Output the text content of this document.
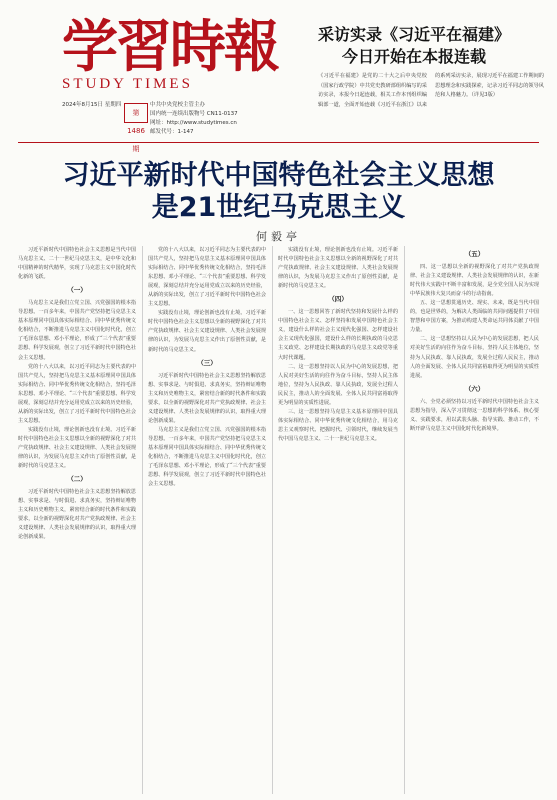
学習時報
STUDY TIMES
采访实录《习近平在福建》
今日开始在本报连载
2024年8月15日 星期四
第1486期
中共中央党校主管主办
国内统一连续出版物号 CN11-0137
网址：http://www.studytimes.cn
邮发代号：1-147
《习近平在福建》是党的二十大之后中央党校（国家行政学院）中共党史教研部组织编写的采访实录，本报今日起连载，相关工作本刊组织编辑部一道，全面开始连载《习近平在浙江》以来的系列采访实录，展现习近平在福建工作期间的思想理念和实践探索，记录习近平同志的领导风范和人格魅力。（详见3版）
习近平新时代中国特色社会主义思想
是21世纪马克思主义
何毅亭

习近平新时代中国特色社会主义思想是当代中国马克思主义、二十一世纪马克思主义，是中华文化和中国精神的时代精华，实现了马克思主义中国化时代化新的飞跃。

（一）

马克思主义是我们立党立国、兴党强国的根本指导思想。一百多年来，中国共产党坚持把马克思主义基本原理同中国具体实际相结合、同中华优秀传统文化相结合，不断推进马克思主义中国化时代化，创立了毛泽东思想、邓小平理论，形成了“三个代表”重要思想、科学发展观，创立了习近平新时代中国特色社会主义思想。

党的十八大以来，以习近平同志为主要代表的中国共产党人，坚持把马克思主义基本原理同中国具体实际相结合、同中华优秀传统文化相结合，坚持毛泽东思想、邓小平理论、“三个代表”重要思想、科学发展观，深刻总结并充分运用党成立以来的历史经验，从新的实际出发，创立了习近平新时代中国特色社会主义思想。

实践没有止境，理论创新也没有止境。习近平新时代中国特色社会主义思想以全新的视野深化了对共产党执政规律、社会主义建设规律、人类社会发展规律的认识，为发展马克思主义作出了原创性贡献，是新时代的马克思主义。

（二）

习近平新时代中国特色社会主义思想坚持解放思想、实事求是、与时俱进、求真务实，坚持辩证唯物主义和历史唯物主义，紧密结合新的时代条件和实践要求，以全新的视野深化对共产党执政规律、社会主义建设规律、人类社会发展规律的认识，取得重大理论创新成果。

党的十八大以来，以习近平同志为主要代表的中国共产党人，坚持把马克思主义基本原理同中国具体实际相结合、同中华优秀传统文化相结合，坚持毛泽东思想、邓小平理论、“三个代表”重要思想、科学发展观，深刻总结并充分运用党成立以来的历史经验，从新的实际出发，创立了习近平新时代中国特色社会主义思想。

实践没有止境，理论创新也没有止境。习近平新时代中国特色社会主义思想以全新的视野深化了对共产党执政规律、社会主义建设规律、人类社会发展规律的认识，为发展马克思主义作出了原创性贡献，是新时代的马克思主义。

（三）

习近平新时代中国特色社会主义思想坚持解放思想、实事求是、与时俱进、求真务实，坚持辩证唯物主义和历史唯物主义，紧密结合新的时代条件和实践要求，以全新的视野深化对共产党执政规律、社会主义建设规律、人类社会发展规律的认识，取得重大理论创新成果。

马克思主义是我们立党立国、兴党强国的根本指导思想。一百多年来，中国共产党坚持把马克思主义基本原理同中国具体实际相结合、同中华优秀传统文化相结合，不断推进马克思主义中国化时代化，创立了毛泽东思想、邓小平理论，形成了“三个代表”重要思想、科学发展观，创立了习近平新时代中国特色社会主义思想。

实践没有止境，理论创新也没有止境。习近平新时代中国特色社会主义思想以全新的视野深化了对共产党执政规律、社会主义建设规律、人类社会发展规律的认识，为发展马克思主义作出了原创性贡献，是新时代的马克思主义。

（四）

一、这一思想回答了新时代坚持和发展什么样的中国特色社会主义、怎样坚持和发展中国特色社会主义，建设什么样的社会主义现代化强国、怎样建设社会主义现代化强国，建设什么样的长期执政的马克思主义政党、怎样建设长期执政的马克思主义政党等重大时代课题。

二、这一思想坚持以人民为中心的发展思想，把人民对美好生活的向往作为奋斗目标，坚持人民主体地位，坚持为人民执政、靠人民执政，发展全过程人民民主，推动人的全面发展、全体人民共同富裕取得更为明显的实质性进展。

三、这一思想坚持马克思主义基本原理同中国具体实际相结合、同中华优秀传统文化相结合，用马克思主义观察时代、把握时代、引领时代，继续发展当代中国马克思主义、二十一世纪马克思主义。

（五）

四、这一思想以全新的视野深化了对共产党执政规律、社会主义建设规律、人类社会发展规律的认识，在新时代伟大实践中不断丰富和发展，是全党全国人民为实现中华民族伟大复兴而奋斗的行动指南。

五、这一思想贯通历史、现实、未来，既是当代中国的，也是世界的，为解决人类面临的共同问题提供了中国智慧和中国方案，为推动构建人类命运共同体贡献了中国力量。

二、这一思想坚持以人民为中心的发展思想，把人民对美好生活的向往作为奋斗目标，坚持人民主体地位，坚持为人民执政、靠人民执政，发展全过程人民民主，推动人的全面发展、全体人民共同富裕取得更为明显的实质性进展。

（六）

六、全党必须坚持以习近平新时代中国特色社会主义思想为指导，深入学习贯彻这一思想的科学体系、核心要义、实践要求，用以武装头脑、指导实践、推动工作，不断开辟马克思主义中国化时代化新境界。
